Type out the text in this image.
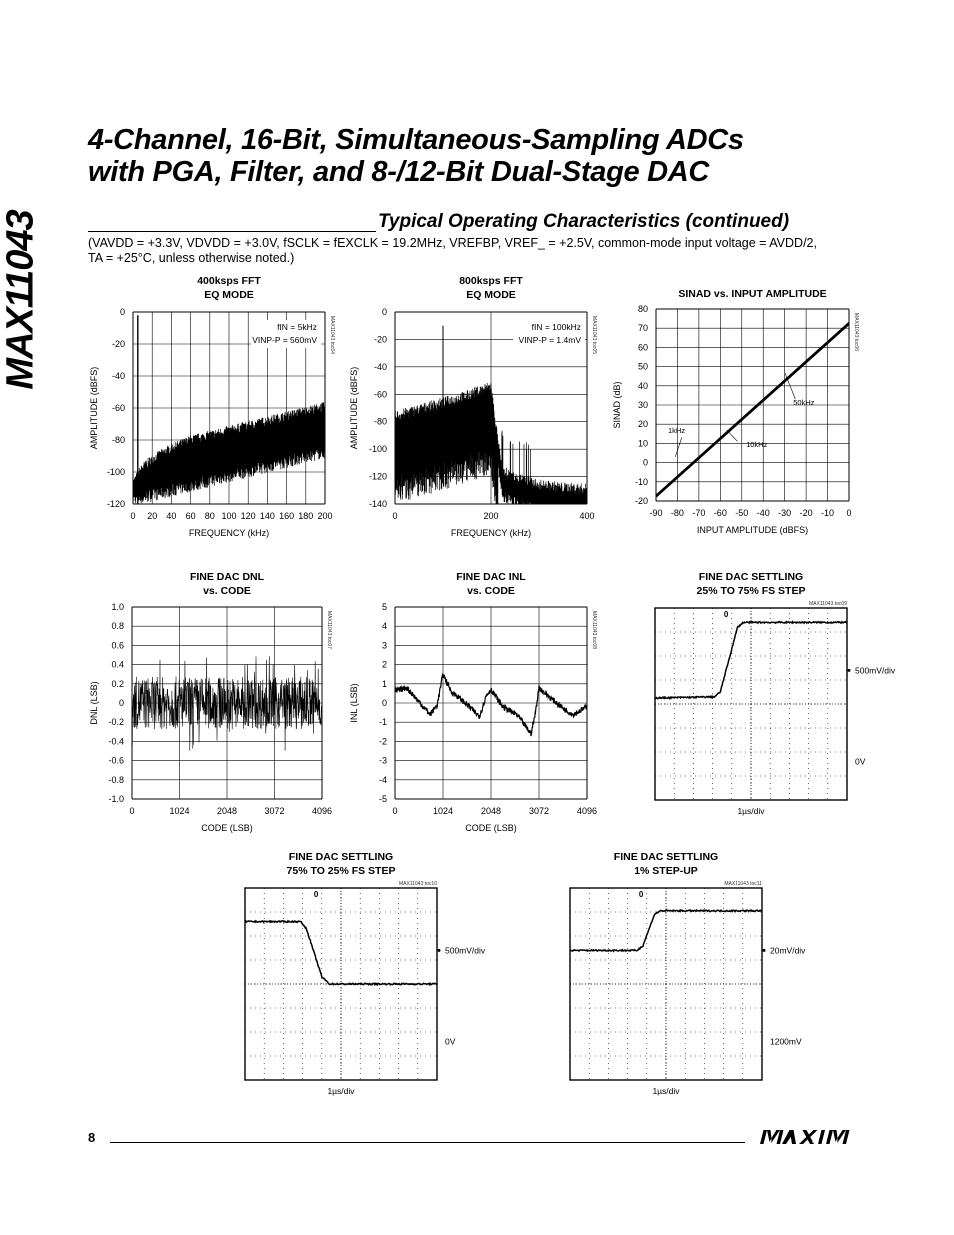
MAX11043
4-Channel, 16-Bit, Simultaneous-Sampling ADCs
with PGA, Filter, and 8-/12-Bit Dual-Stage DAC
Typical Operating Characteristics (continued)
(VAVDD = +3.3V, VDVDD = +3.0V, fSCLK = fEXCLK = 19.2MHz, VREFBP, VREF_ = +2.5V, common-mode input voltage = AVDD/2,
TA = +25°C, unless otherwise noted.)
400ksps FFT
EQ MODE
0 20 40 60 80 100 120 140 160 180 200
-120
-100
-80
-60
-40
-20
0
FREQUENCY (kHz)
AMPLITUDE (dBFS)
MAX11043 toc04
fIN = 5kHz
VINP-P = 560mV
800ksps FFT
EQ MODE
0	200	400
-140
-120
-100
-80
-60
-40
-20
0
FREQUENCY (kHz)
AMPLITUDE (dBFS)
MAX11043 toc05
fIN = 100kHz
VINP-P = 1.4mV
SINAD vs. INPUT AMPLITUDE
-90 -80 -70 -60 -50 -40 -30 -20 -10 0
-20
-10
0
10
20
30
40
50
60
70
80
INPUT AMPLITUDE (dBFS)
SINAD (dB)
MAX11043 toc06
1kHz
10kHz
50kHz
FINE DAC DNL
vs. CODE
0	1024	2048	3072	4096
-1.0
-0.8
-0.6
-0.4
-0.2
0
0.2
0.4
0.6
0.8
1.0
CODE (LSB)
DNL (LSB)
MAX11043 toc07
FINE DAC INL
vs. CODE
0	1024	2048	3072	4096
-5
-4
-3
-2
-1
0
1
2
3
4
5
CODE (LSB)
INL (LSB)
MAX11043 toc08
FINE DAC SETTLING
25% TO 75% FS STEP
MAX11043 toc09
0
500mV/div
0V
1µs/div
FINE DAC SETTLING
75% TO 25% FS STEP
MAX11043 toc10
0
500mV/div
0V
1µs/div
FINE DAC SETTLING
1% STEP-UP
MAX11043 toc11
0
20mV/div
1200mV
1µs/div
8	MAXIM
